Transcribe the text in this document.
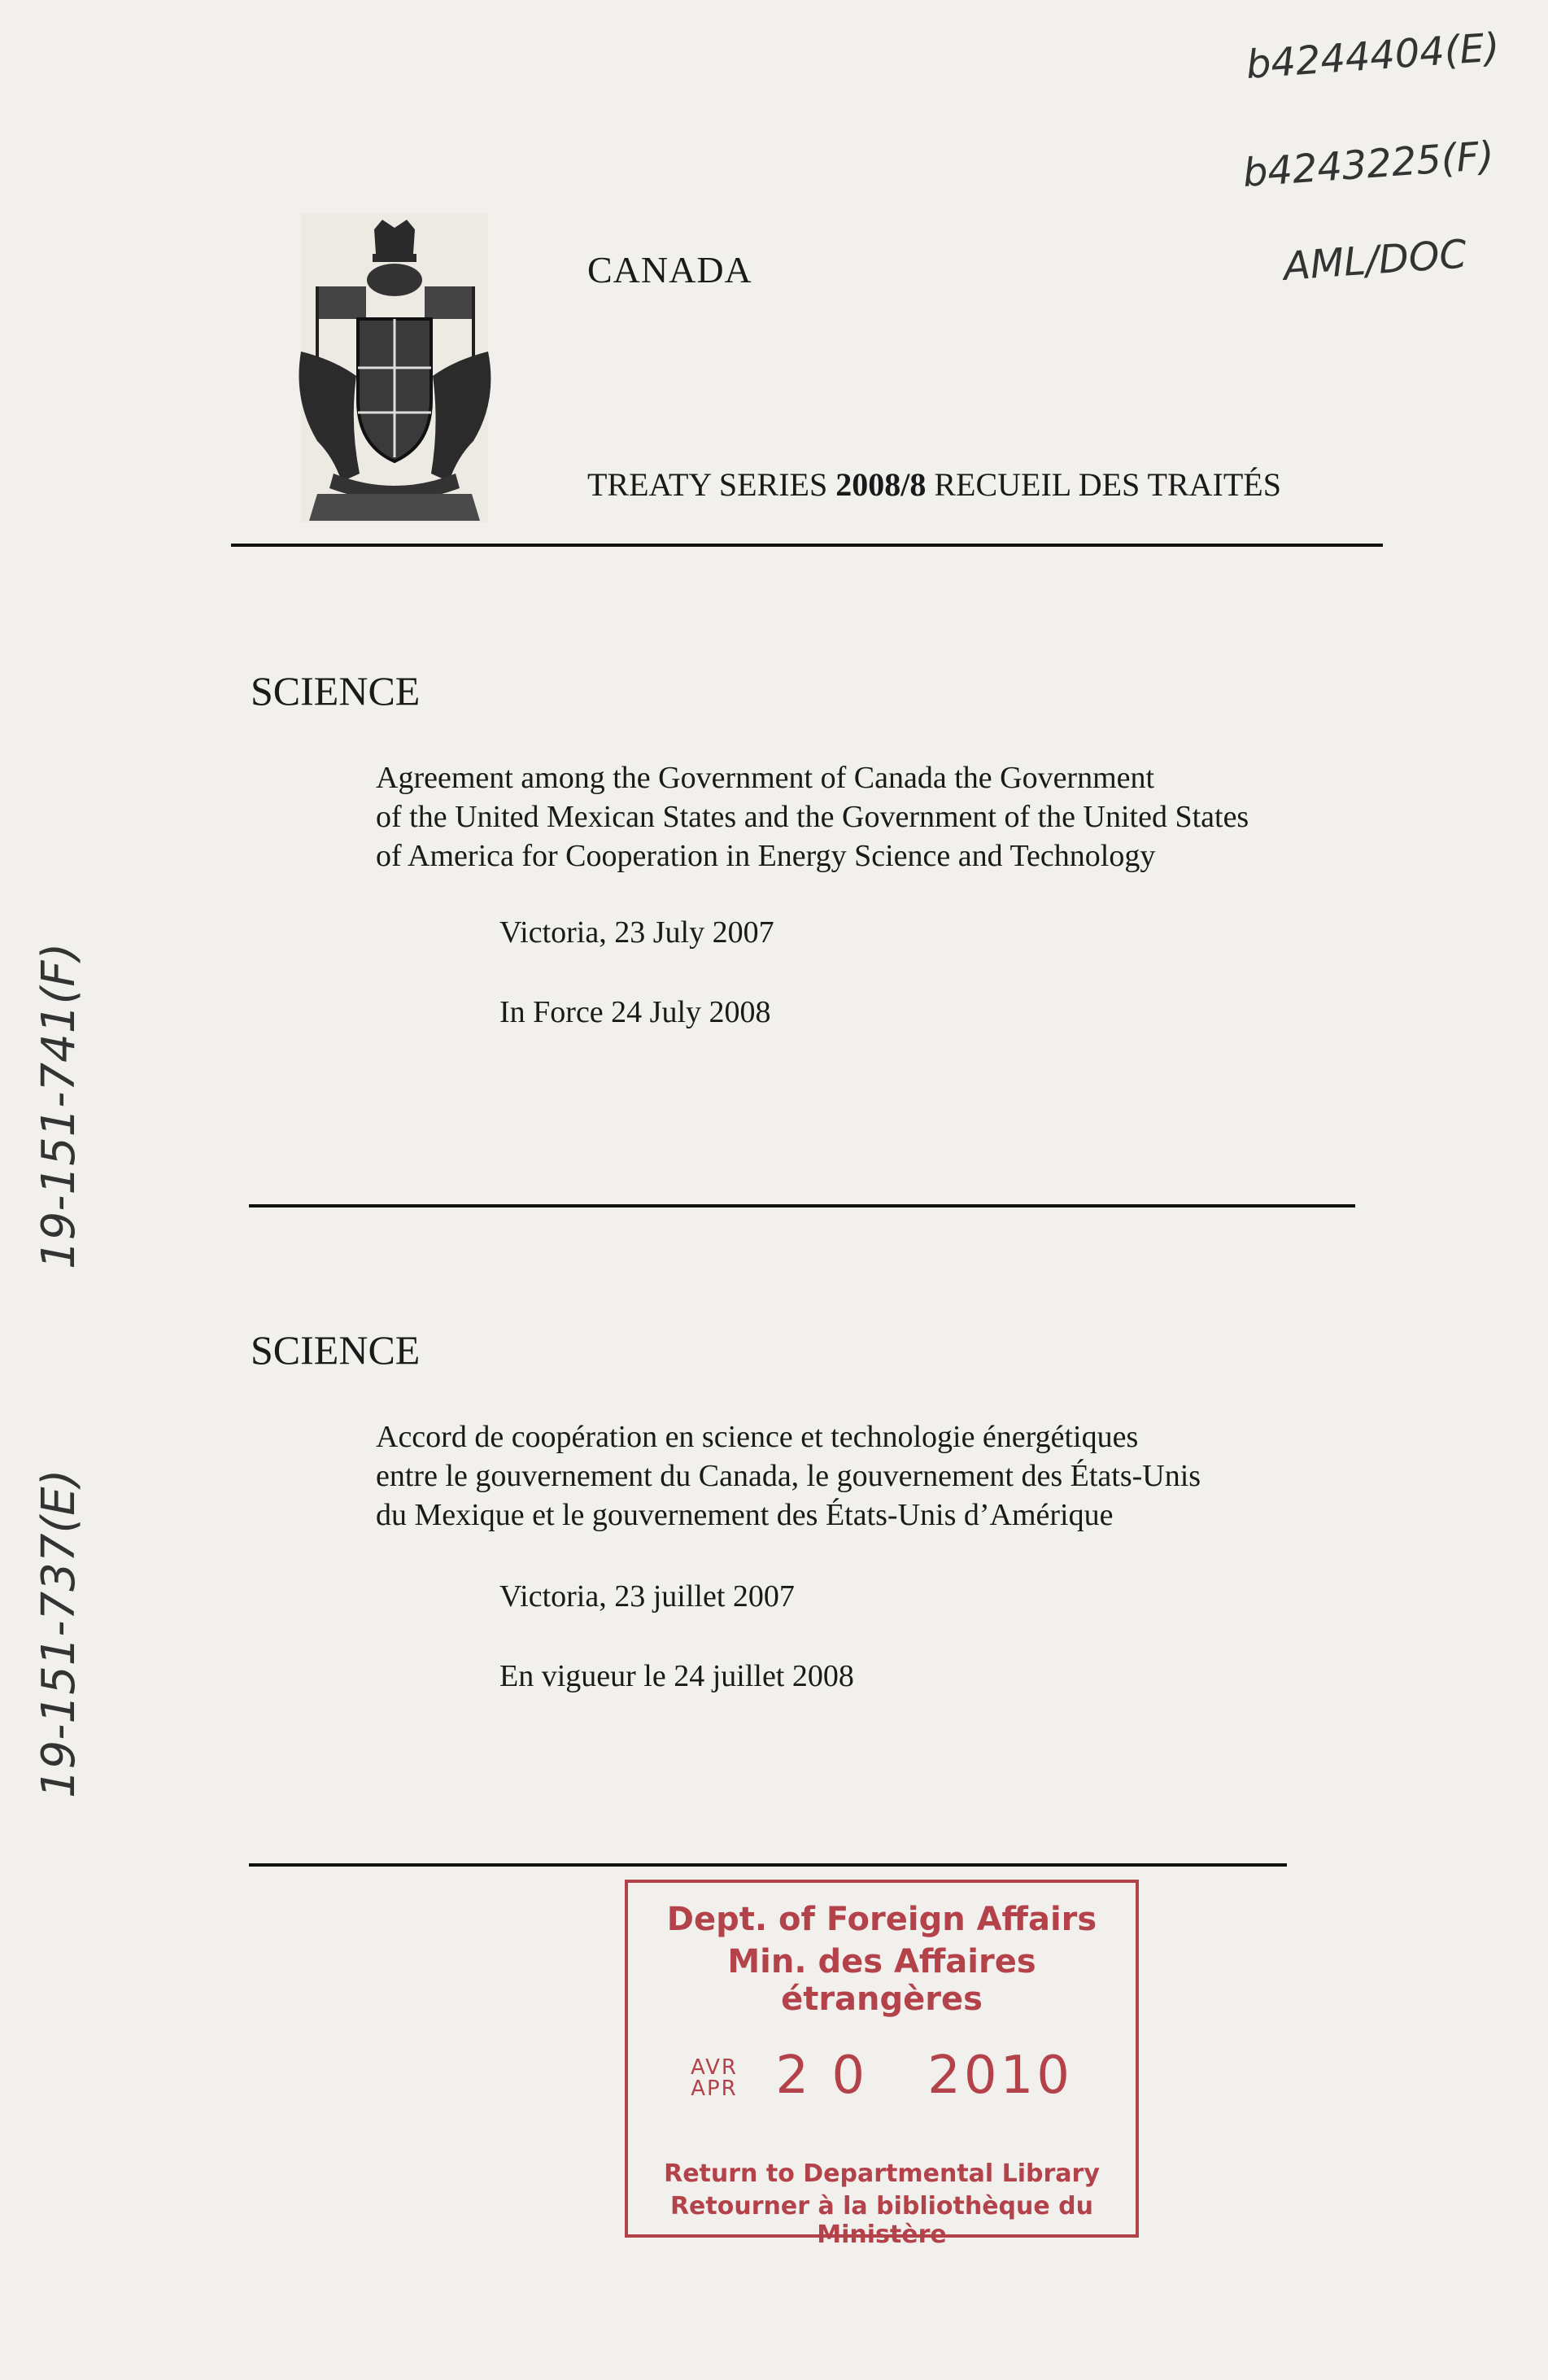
CANADA
TREATY SERIES 2008/8 RECUEIL DES TRAITÉS
b4244404(E)
b4243225(F)
AML/DOC
19-151-741(F)
19-151-737(E)
SCIENCE
Agreement among the Government of Canada the Government
of the United Mexican States and the Government of the United States
of America for Cooperation in Energy Science and Technology
Victoria, 23 July 2007
In Force 24 July 2008
SCIENCE
Accord de coopération en science et technologie énergétiques
entre le gouvernement du Canada, le gouvernement des États-Unis
du Mexique et le gouvernement des États-Unis d’Amérique
Victoria, 23 juillet 2007
En vigueur le 24 juillet 2008
Dept. of Foreign Affairs
Min. des Affaires étrangères
AVR
APR 2 0 2010
Return to Departmental Library
Retourner à la bibliothèque du Ministère
